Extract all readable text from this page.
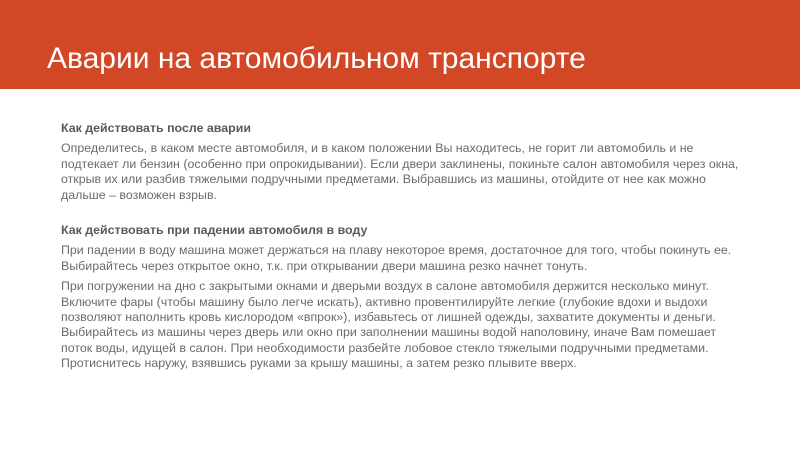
Аварии на автомобильном транспорте

Как действовать после аварии

Определитесь, в каком месте автомобиля, и в каком положении Вы находитесь, не горит ли автомобиль и не подтекает ли бензин (особенно при опрокидывании). Если двери заклинены, покиньте салон автомобиля через окна, открыв их или разбив тяжелыми подручными предметами. Выбравшись из машины, отойдите от нее как можно дальше – возможен взрыв.

Как действовать при падении автомобиля в воду

При падении в воду машина может держаться на плаву некоторое время, достаточное для того, чтобы покинуть ее. Выбирайтесь через открытое окно, т.к. при открывании двери машина резко начнет тонуть.

При погружении на дно с закрытыми окнами и дверьми воздух в салоне автомобиля держится несколько минут. Включите фары (чтобы машину было легче искать), активно провентилируйте легкие (глубокие вдохи и выдохи позволяют наполнить кровь кислородом «впрок»), избавьтесь от лишней одежды, захватите документы и деньги. Выбирайтесь из машины через дверь или окно при заполнении машины водой наполовину, иначе Вам помешает поток воды, идущей в салон. При необходимости разбейте лобовое стекло тяжелыми подручными предметами. Протиснитесь наружу, взявшись руками за крышу машины, а затем резко плывите вверх.
